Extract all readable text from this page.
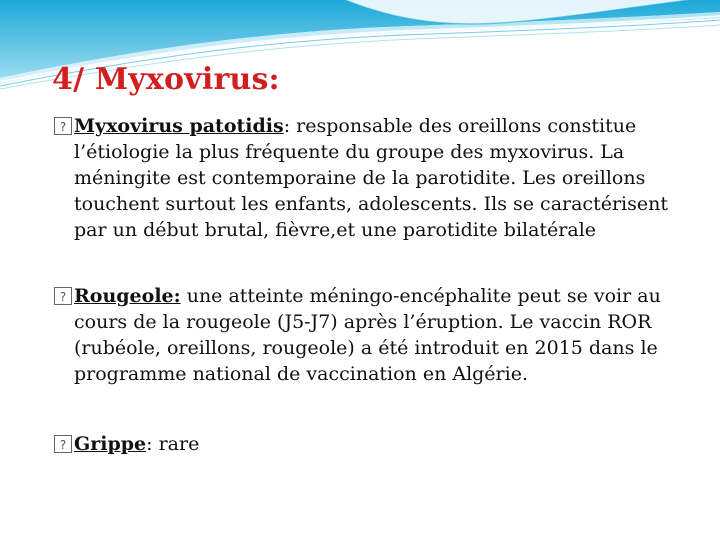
4/ Myxovirus:

? Myxovirus patotidis: responsable des oreillons constitue l’étiologie la plus fréquente du groupe des myxovirus. La méningite est contemporaine de la parotidite. Les oreillons touchent surtout les enfants, adolescents. Ils se caractérisent par un début brutal, fièvre,et une parotidite bilatérale

? Rougeole: une atteinte méningo-encéphalite peut se voir au cours de la rougeole (J5-J7) après l’éruption. Le vaccin ROR (rubéole, oreillons, rougeole) a été introduit en 2015 dans le programme national de vaccination en Algérie.

? Grippe: rare
